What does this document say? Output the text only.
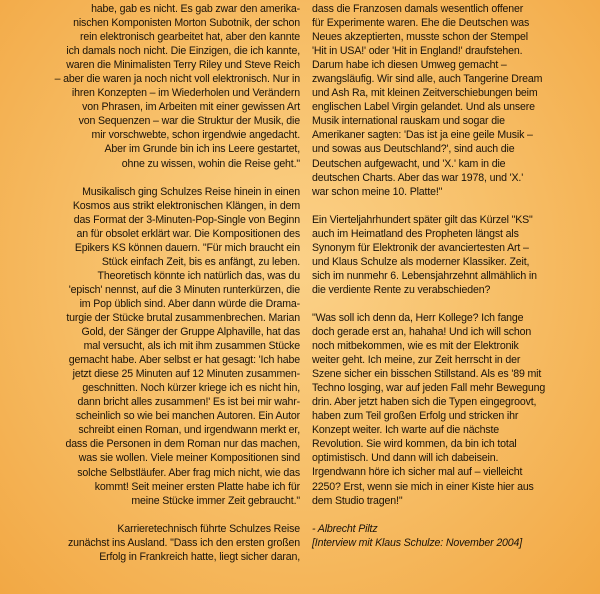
habe, gab es nicht. Es gab zwar den amerika-
nischen Komponisten Morton Subotnik, der schon
rein elektronisch gearbeitet hat, aber den kannte
ich damals noch nicht. Die Einzigen, die ich kannte,
waren die Minimalisten Terry Riley und Steve Reich
– aber die waren ja noch nicht voll elektronisch. Nur in
ihren Konzepten – im Wiederholen und Verändern
von Phrasen, im Arbeiten mit einer gewissen Art
von Sequenzen – war die Struktur der Musik, die
mir vorschwebte, schon irgendwie angedacht.
Aber im Grunde bin ich ins Leere gestartet,
ohne zu wissen, wohin die Reise geht."

Musikalisch ging Schulzes Reise hinein in einen
Kosmos aus strikt elektronischen Klängen, in dem
das Format der 3-Minuten-Pop-Single von Beginn
an für obsolet erklärt war. Die Kompositionen des
Epikers KS können dauern. "Für mich braucht ein
Stück einfach Zeit, bis es anfängt, zu leben.
Theoretisch könnte ich natürlich das, was du
'episch' nennst, auf die 3 Minuten runterkürzen, die
im Pop üblich sind. Aber dann würde die Drama-
turgie der Stücke brutal zusammenbrechen. Marian
Gold, der Sänger der Gruppe Alphaville, hat das
mal versucht, als ich mit ihm zusammen Stücke
gemacht habe. Aber selbst er hat gesagt: 'Ich habe
jetzt diese 25 Minuten auf 12 Minuten zusammen-
geschnitten. Noch kürzer kriege ich es nicht hin,
dann bricht alles zusammen!' Es ist bei mir wahr-
scheinlich so wie bei manchen Autoren. Ein Autor
schreibt einen Roman, und irgendwann merkt er,
dass die Personen in dem Roman nur das machen,
was sie wollen. Viele meiner Kompositionen sind
solche Selbstläufer. Aber frag mich nicht, wie das
kommt! Seit meiner ersten Platte habe ich für
meine Stücke immer Zeit gebraucht."

Karrieretechnisch führte Schulzes Reise
zunächst ins Ausland. "Dass ich den ersten großen
Erfolg in Frankreich hatte, liegt sicher daran,

dass die Franzosen damals wesentlich offener
für Experimente waren. Ehe die Deutschen was
Neues akzeptierten, musste schon der Stempel
'Hit in USA!' oder 'Hit in England!' draufstehen.
Darum habe ich diesen Umweg gemacht –
zwangsläufig. Wir sind alle, auch Tangerine Dream
und Ash Ra, mit kleinen Zeitverschiebungen beim
englischen Label Virgin gelandet. Und als unsere
Musik international rauskam und sogar die
Amerikaner sagten: 'Das ist ja eine geile Musik –
und sowas aus Deutschland?', sind auch die
Deutschen aufgewacht, und 'X.' kam in die
deutschen Charts. Aber das war 1978, und 'X.'
war schon meine 10. Platte!"

Ein Vierteljahrhundert später gilt das Kürzel "KS"
auch im Heimatland des Propheten längst als
Synonym für Elektronik der avanciertesten Art –
und Klaus Schulze als moderner Klassiker. Zeit,
sich im nunmehr 6. Lebensjahrzehnt allmählich in
die verdiente Rente zu verabschieden?

"Was soll ich denn da, Herr Kollege? Ich fange
doch gerade erst an, hahaha! Und ich will schon
noch mitbekommen, wie es mit der Elektronik
weiter geht. Ich meine, zur Zeit herrscht in der
Szene sicher ein bisschen Stillstand. Als es '89 mit
Techno losging, war auf jeden Fall mehr Bewegung
drin. Aber jetzt haben sich die Typen eingegroovt,
haben zum Teil großen Erfolg und stricken ihr
Konzept weiter. Ich warte auf die nächste
Revolution. Sie wird kommen, da bin ich total
optimistisch. Und dann will ich dabeisein.
Irgendwann höre ich sicher mal auf – vielleicht
2250? Erst, wenn sie mich in einer Kiste hier aus
dem Studio tragen!"

- Albrecht Piltz

[Interview mit Klaus Schulze: November 2004]
